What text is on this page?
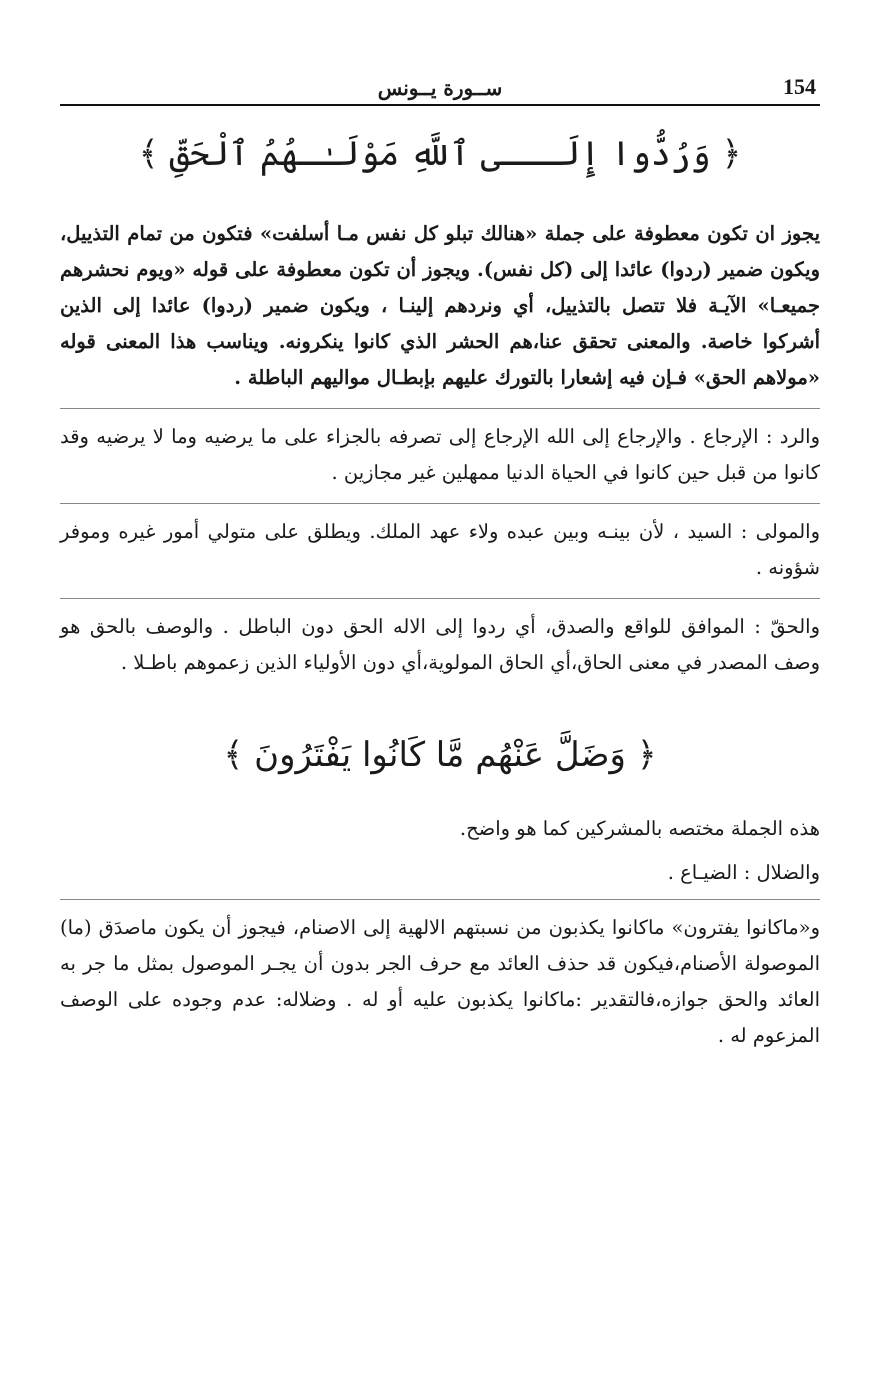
154
ســورة يــونس
﴿ وَرُدُّوا إِلَـــى ٱللَّهِ مَوْلَـٰـهُمُ ٱلْحَقِّ ﴾

يجوز ان تكون معطوفة على جملة «هنالك تبلو كل نفس مـا أسلفت» فتكون من تمام التذييل، ويكون ضمير (ردوا) عائدا إلى (كل نفس). ويجوز أن تكون معطوفة على قوله «ويوم نحشرهم جميعـا» الآيـة فلا تتصل بالتذييل، أي ونردهم إلينـا ، ويكون ضمير (ردوا) عائدا إلى الذين أشركوا خاصة. والمعنى تحقق عنا،هم الحشر الذي كانوا ينكرونه. ويناسب هذا المعنى قوله «مولاهم الحق» فـإن فيه إشعارا بالتورك عليهم بإبطـال مواليهم الباطلة .

والرد : الإرجاع . والإرجاع إلى الله الإرجاع إلى تصرفه بالجزاء على ما يرضيه وما لا يرضيه وقد كانوا من قبل حين كانوا في الحياة الدنيا ممهلين غير مجازين .

والمولى : السيد ، لأن بينـه وبين عبده ولاء عهد الملك. ويطلق على متولي أمور غيره وموفر شؤونه .

والحقّ : الموافق للواقع والصدق، أي ردوا إلى الاله الحق دون الباطل . والوصف بالحق هو وصف المصدر في معنى الحاق،أي الحاق المولوية،أي دون الأولياء الذين زعموهم باطـلا .

﴿ وَضَلَّ عَنْهُم مَّا كَانُوا يَفْتَرُونَ ﴾

هذه الجملة مختصه بالمشركين كما هو واضح.

والضلال : الضيـاع .

و«ماكانوا يفترون» ماكانوا يكذبون من نسبتهم الالهية إلى الاصنام، فيجوز أن يكون ماصدَق (ما) الموصولة الأصنام،فيكون قد حذف العائد مع حرف الجر بدون أن يجـر الموصول بمثل ما جر به العائد والحق جوازه،فالتقدير :ماكانوا يكذبون عليه أو له . وضلاله: عدم وجوده على الوصف المزعوم له .
